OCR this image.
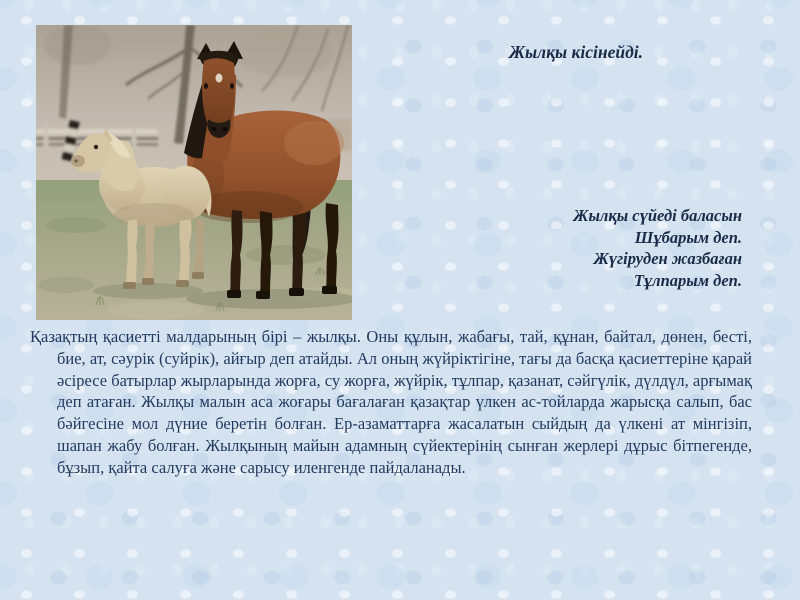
Жылқы кісінейді.
Жылқы сүйеді баласын
Шұбарым деп.
Жүгіруден жазбаған
Тұлпарым деп.
Қазақтың қасиетті малдарының бірі – жылқы. Оны құлын, жабағы, тай, құнан, байтал, дөнен, бесті, бие, ат, сәурік (суйрік), айғыр деп атайды. Ал оның жүйріктігіне, тағы да басқа қасиеттеріне қарай әсіресе батырлар жырларында жорға, су жорға, жүйрік, тұлпар, қазанат, сәйгүлік, дүлдүл, арғымақ деп атаған. Жылқы малын аса жоғары бағалаған қазақтар үлкен ас-тойларда жарысқа салып, бас бәйгесіне мол дүние беретін болған. Ер-азаматтарға жасалатын сыйдың да үлкені ат мінгізіп, шапан жабу болған. Жылқының майын адамның сүйектерінің сынған жерлері дұрыс бітпегенде, бұзып, қайта салуға және сарысу иленгенде пайдаланады.
